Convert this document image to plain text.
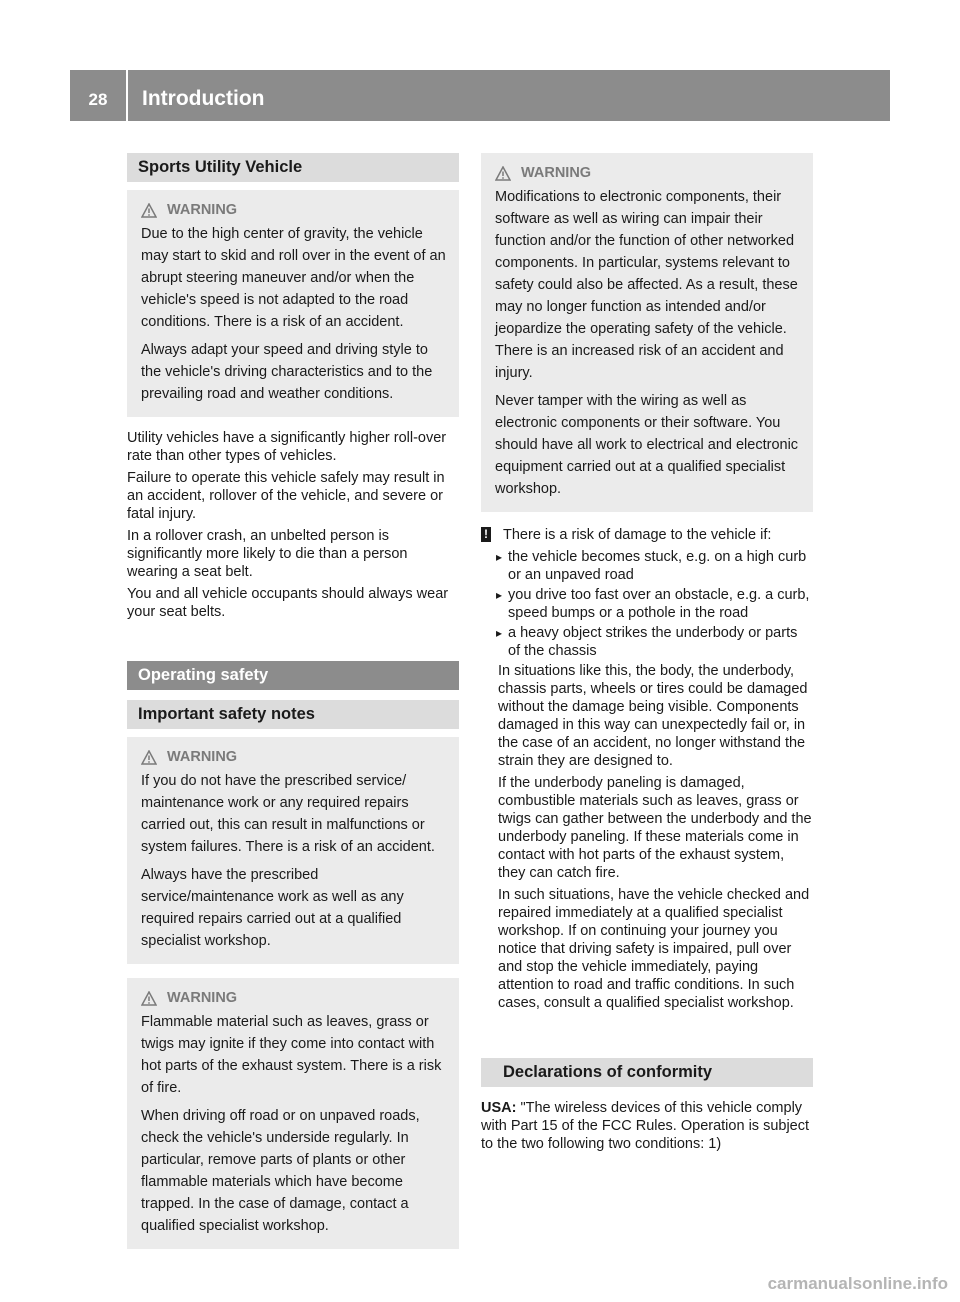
28	Introduction
Sports Utility Vehicle
WARNING

Due to the high center of gravity, the vehicle may start to skid and roll over in the event of an abrupt steering maneuver and/or when the vehicle's speed is not adapted to the road conditions. There is a risk of an accident.

Always adapt your speed and driving style to the vehicle's driving characteristics and to the prevailing road and weather conditions.

Utility vehicles have a significantly higher roll-over rate than other types of vehicles.

Failure to operate this vehicle safely may result in an accident, rollover of the vehicle, and severe or fatal injury.

In a rollover crash, an unbelted person is significantly more likely to die than a person wearing a seat belt.

You and all vehicle occupants should always wear your seat belts.

Operating safety
Important safety notes
WARNING

If you do not have the prescribed service/ maintenance work or any required repairs carried out, this can result in malfunctions or system failures. There is a risk of an accident.

Always have the prescribed service/maintenance work as well as any required repairs carried out at a qualified specialist workshop.

WARNING

Flammable material such as leaves, grass or twigs may ignite if they come into contact with hot parts of the exhaust system. There is a risk of fire.

When driving off road or on unpaved roads, check the vehicle's underside regularly. In particular, remove parts of plants or other flammable materials which have become trapped. In the case of damage, contact a qualified specialist workshop.

WARNING

Modifications to electronic components, their software as well as wiring can impair their function and/or the function of other networked components. In particular, systems relevant to safety could also be affected. As a result, these may no longer function as intended and/or jeopardize the operating safety of the vehicle. There is an increased risk of an accident and injury.

Never tamper with the wiring as well as electronic components or their software. You should have all work to electrical and electronic equipment carried out at a qualified specialist workshop.

! There is a risk of damage to the vehicle if:
▸ the vehicle becomes stuck, e.g. on a high curb or an unpaved road
▸ you drive too fast over an obstacle, e.g. a curb, speed bumps or a pothole in the road
▸ a heavy object strikes the underbody or parts of the chassis

In situations like this, the body, the underbody, chassis parts, wheels or tires could be damaged without the damage being visible. Components damaged in this way can unexpectedly fail or, in the case of an accident, no longer withstand the strain they are designed to.

If the underbody paneling is damaged, combustible materials such as leaves, grass or twigs can gather between the underbody and the underbody paneling. If these materials come in contact with hot parts of the exhaust system, they can catch fire.

In such situations, have the vehicle checked and repaired immediately at a qualified specialist workshop. If on continuing your journey you notice that driving safety is impaired, pull over and stop the vehicle immediately, paying attention to road and traffic conditions. In such cases, consult a qualified specialist workshop.

Declarations of conformity

USA: "The wireless devices of this vehicle comply with Part 15 of the FCC Rules. Operation is subject to the two following two conditions: 1)

carmanualsonline.info
